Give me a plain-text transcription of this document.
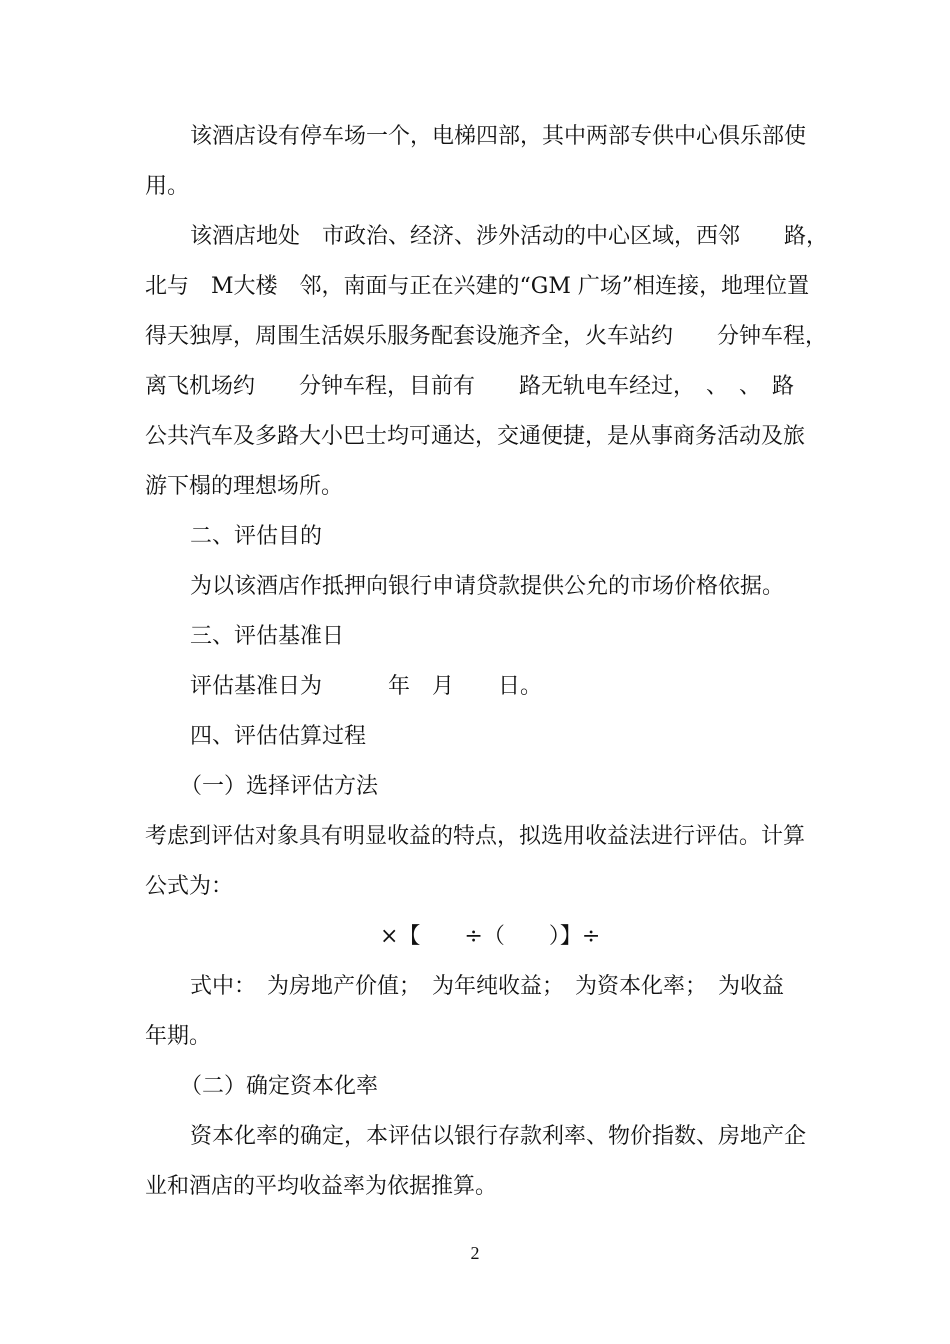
该酒店设有停车场一个，电梯四部，其中两部专供中心俱乐部使
用。
该酒店地处　市政治、经济、涉外活动的中心区域，西邻　　路，
北与　M大楼　邻，南面与正在兴建的“GM 广场”相连接，地理位置
得天独厚，周围生活娱乐服务配套设施齐全，火车站约　　分钟车程，
离飞机场约　　分钟车程，目前有　　路无轨电车经过，　、　、　路
公共汽车及多路大小巴士均可通达，交通便捷，是从事商务活动及旅
游下榻的理想场所。
二、评估目的
为以该酒店作抵押向银行申请贷款提供公允的市场价格依据。
三、评估基准日
评估基准日为　　　年　月　　日。
四、评估估算过程
（一）选择评估方法
考虑到评估对象具有明显收益的特点，拟选用收益法进行评估。计算
公式为：
×【　　÷（　　）】÷
式中：　为房地产价值；　为年纯收益；　为资本化率；　为收益
年期。
（二）确定资本化率
资本化率的确定，本评估以银行存款利率、物价指数、房地产企
业和酒店的平均收益率为依据推算。
2
